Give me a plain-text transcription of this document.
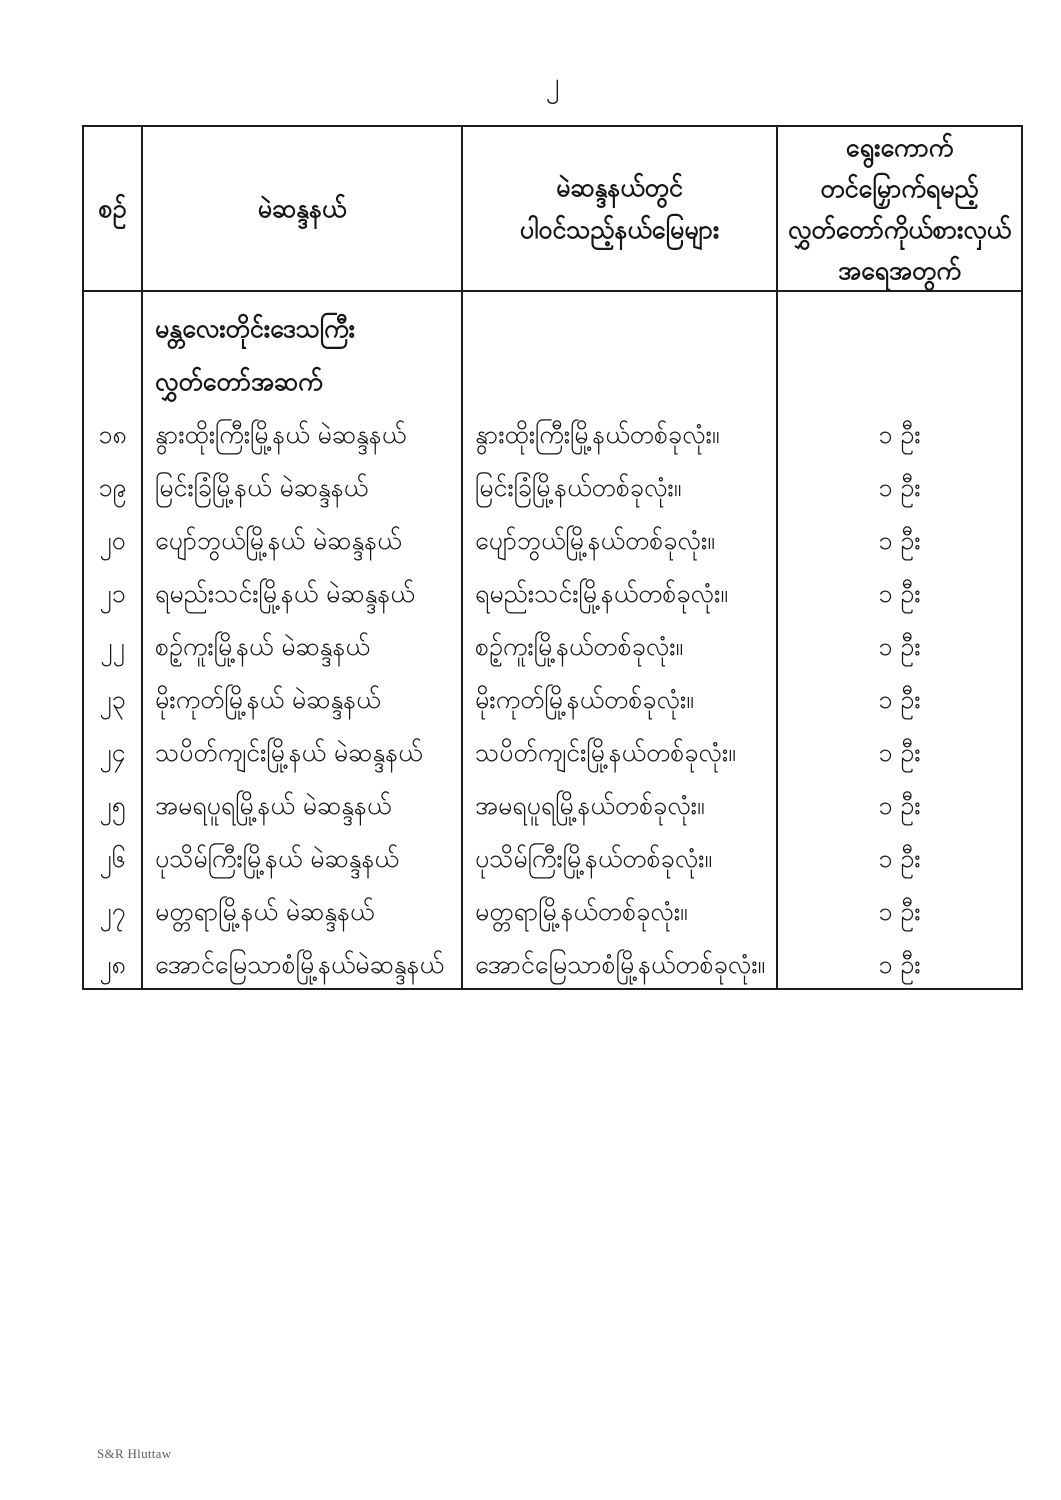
၂
စဉ်	မဲဆန္ဒနယ်
မဲဆန္ဒနယ်တွင်
ပါဝင်သည့်နယ်မြေများ
ရွေးကောက်
တင်မြှောက်ရမည့်
လွှတ်တော်ကိုယ်စားလှယ်
အရေအတွက်
၁၈
၁၉
၂၀
၂၁
၂၂
၂၃
၂၄
၂၅
၂၆
၂၇
၂၈
မန္တလေးတိုင်းဒေသကြီး
လွှတ်တော်အဆက်
နွားထိုးကြီးမြို့နယ် မဲဆန္ဒနယ်
မြင်းခြံမြို့နယ် မဲဆန္ဒနယ်
ပျော်ဘွယ်မြို့နယ် မဲဆန္ဒနယ်
ရမည်းသင်းမြို့နယ် မဲဆန္ဒနယ်
စဉ့်ကူးမြို့နယ် မဲဆန္ဒနယ်
မိုးကုတ်မြို့နယ် မဲဆန္ဒနယ်
သပိတ်ကျင်းမြို့နယ် မဲဆန္ဒနယ်
အမရပူရမြို့နယ် မဲဆန္ဒနယ်
ပုသိမ်ကြီးမြို့နယ် မဲဆန္ဒနယ်
မတ္တရာမြို့နယ် မဲဆန္ဒနယ်
အောင်မြေသာစံမြို့နယ်မဲဆန္ဒနယ်
နွားထိုးကြီးမြို့နယ်တစ်ခုလုံး။
မြင်းခြံမြို့နယ်တစ်ခုလုံး။
ပျော်ဘွယ်မြို့နယ်တစ်ခုလုံး။
ရမည်းသင်းမြို့နယ်တစ်ခုလုံး။
စဉ့်ကူးမြို့နယ်တစ်ခုလုံး။
မိုးကုတ်မြို့နယ်တစ်ခုလုံး။
သပိတ်ကျင်းမြို့နယ်တစ်ခုလုံး။
အမရပူရမြို့နယ်တစ်ခုလုံး။
ပုသိမ်ကြီးမြို့နယ်တစ်ခုလုံး။
မတ္တရာမြို့နယ်တစ်ခုလုံး။
အောင်မြေသာစံမြို့နယ်တစ်ခုလုံး။
၁ ဦး
၁ ဦး
၁ ဦး
၁ ဦး
၁ ဦး
၁ ဦး
၁ ဦး
၁ ဦး
၁ ဦး
၁ ဦး
၁ ဦး
S&R Hluttaw
